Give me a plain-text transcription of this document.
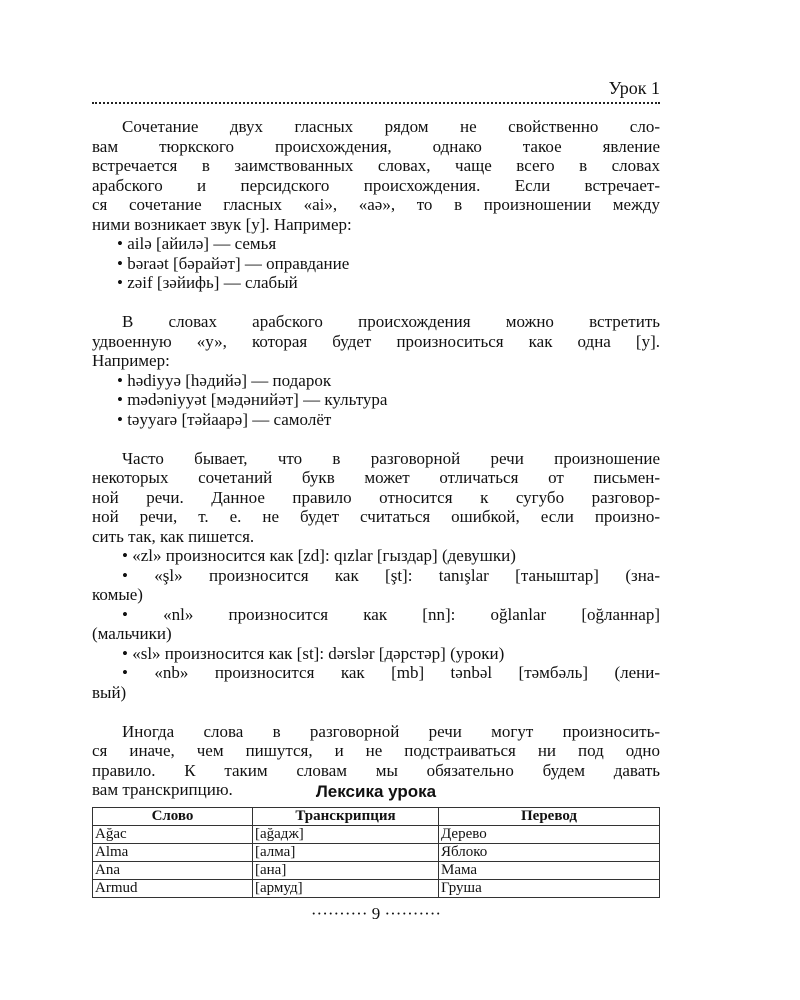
Урок 1
Сочетание двух гласных рядом не свойственно сло-
вам тюркского происхождения, однако такое явление
встречается в заимствованных словах, чаще всего в словах
арабского и персидского происхождения. Если встречает-
ся сочетание гласных «ai», «aə», то в произношении между
ними возникает звук [у]. Например:
• ailə [айилə] — семья
• bəraət [бəрайəт] — оправдание
• zəif [зəйифь] — слабый
В словах арабского происхождения можно встретить
удвоенную «у», которая будет произноситься как одна [у].
Например:
• hədiyyə [həдийə] — подарок
• mədəniyyət [мəдəнийəт] — культура
• təyyarə [тəйаарə] — самолёт
Часто бывает, что в разговорной речи произношение
некоторых сочетаний букв может отличаться от письмен-
ной речи. Данное правило относится к сугубо разговор-
ной речи, т. е. не будет считаться ошибкой, если произно-
сить так, как пишется.
• «zl» произносится как [zd]: qızlar [гыздар] (девушки)
• «şl» произносится как [şt]: tanışlar [таныштар] (зна-
комые)
• «nl» произносится как [nn]: oğlanlar [oğланнар]
(мальчики)
• «sl» произносится как [st]: dərslər [дəрстəр] (уроки)
• «nb» произносится как [mb] tənbəl [тəмбəль] (лени-
вый)
Иногда слова в разговорной речи могут произносить-
ся иначе, чем пишутся, и не подстраиваться ни под одно
правило. К таким словам мы обязательно будем давать
вам транскрипцию.	Лексика урока
Слово	Транскрипция	Перевод
Ağac	[ağадж]	Дерево
Alma	[алма]	Яблоко
Ana	[ана]	Мама
Armud	[армуд]	Груша
·········· 9 ··········
